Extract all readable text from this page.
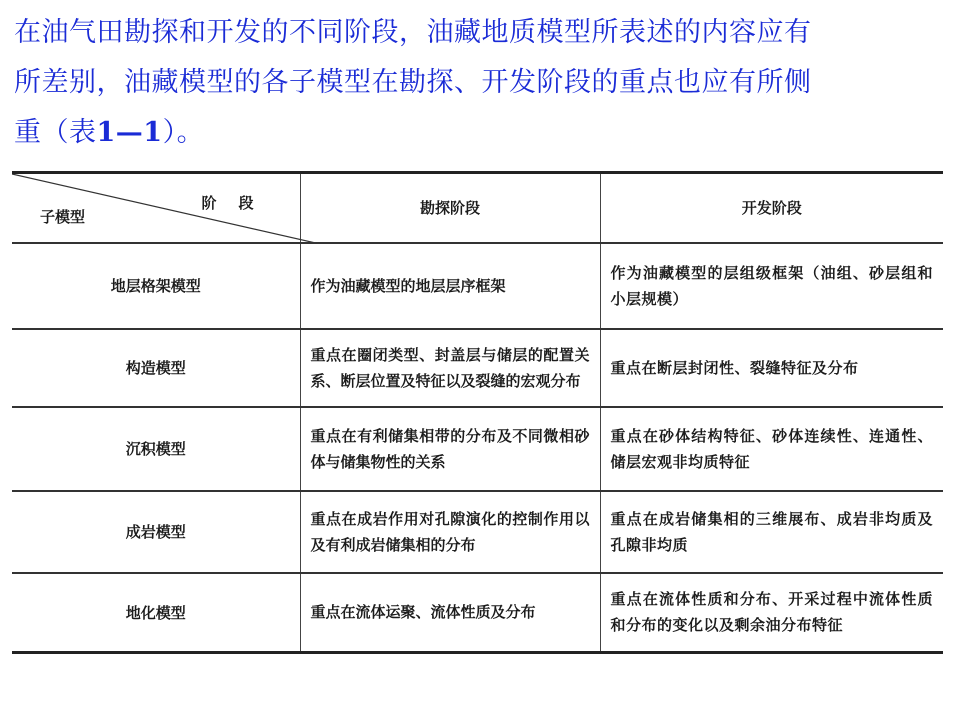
在油气田勘探和开发的不同阶段，油藏地质模型所表述的内容应有
所差别，油藏模型的各子模型在勘探、开发阶段的重点也应有所侧
重（表1—1）。
阶段
子模型	勘探阶段	开发阶段
地层格架模型	作为油藏模型的地层层序框架	作为油藏模型的层组级框架（油组、砂层组和小层规模）
构造模型	重点在圈闭类型、封盖层与储层的配置关系、断层位置及特征以及裂缝的宏观分布	重点在断层封闭性、裂缝特征及分布
沉积模型	重点在有利储集相带的分布及不同微相砂体与储集物性的关系	重点在砂体结构特征、砂体连续性、连通性、储层宏观非均质特征
成岩模型	重点在成岩作用对孔隙演化的控制作用以及有利成岩储集相的分布	重点在成岩储集相的三维展布、成岩非均质及孔隙非均质
地化模型	重点在流体运聚、流体性质及分布	重点在流体性质和分布、开采过程中流体性质和分布的变化以及剩余油分布特征
